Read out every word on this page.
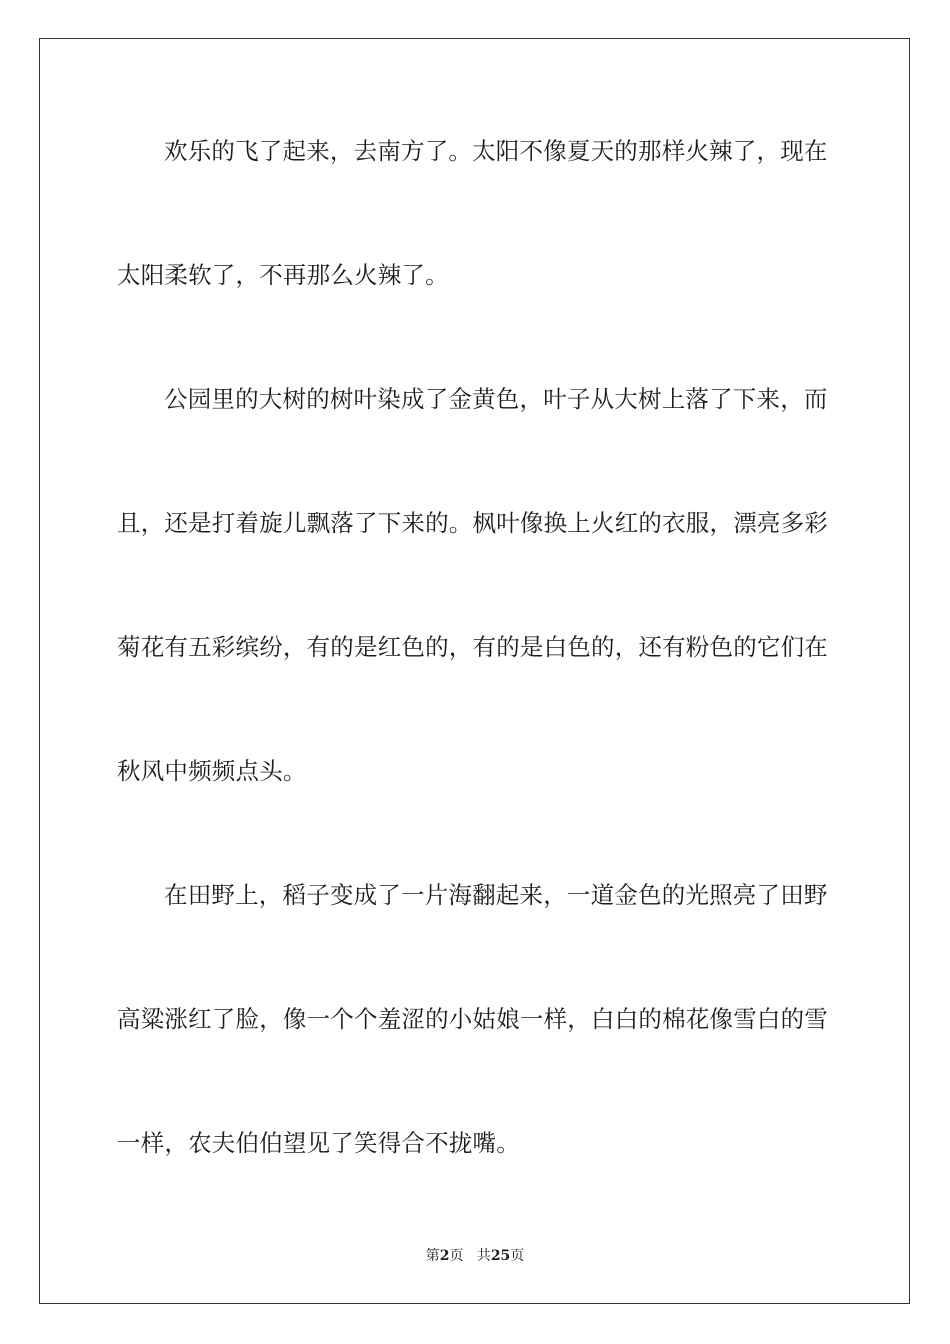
欢乐的飞了起来，去南方了。太阳不像夏天的那样火辣了，现在
太阳柔软了，不再那么火辣了。
公园里的大树的树叶染成了金黄色，叶子从大树上落了下来，而
且，还是打着旋儿飘落了下来的。枫叶像换上火红的衣服，漂亮多彩
菊花有五彩缤纷，有的是红色的，有的是白色的，还有粉色的它们在
秋风中频频点头。
在田野上，稻子变成了一片海翻起来，一道金色的光照亮了田野
高粱涨红了脸，像一个个羞涩的小姑娘一样，白白的棉花像雪白的雪
一样，农夫伯伯望见了笑得合不拢嘴。
第2页 共25页
